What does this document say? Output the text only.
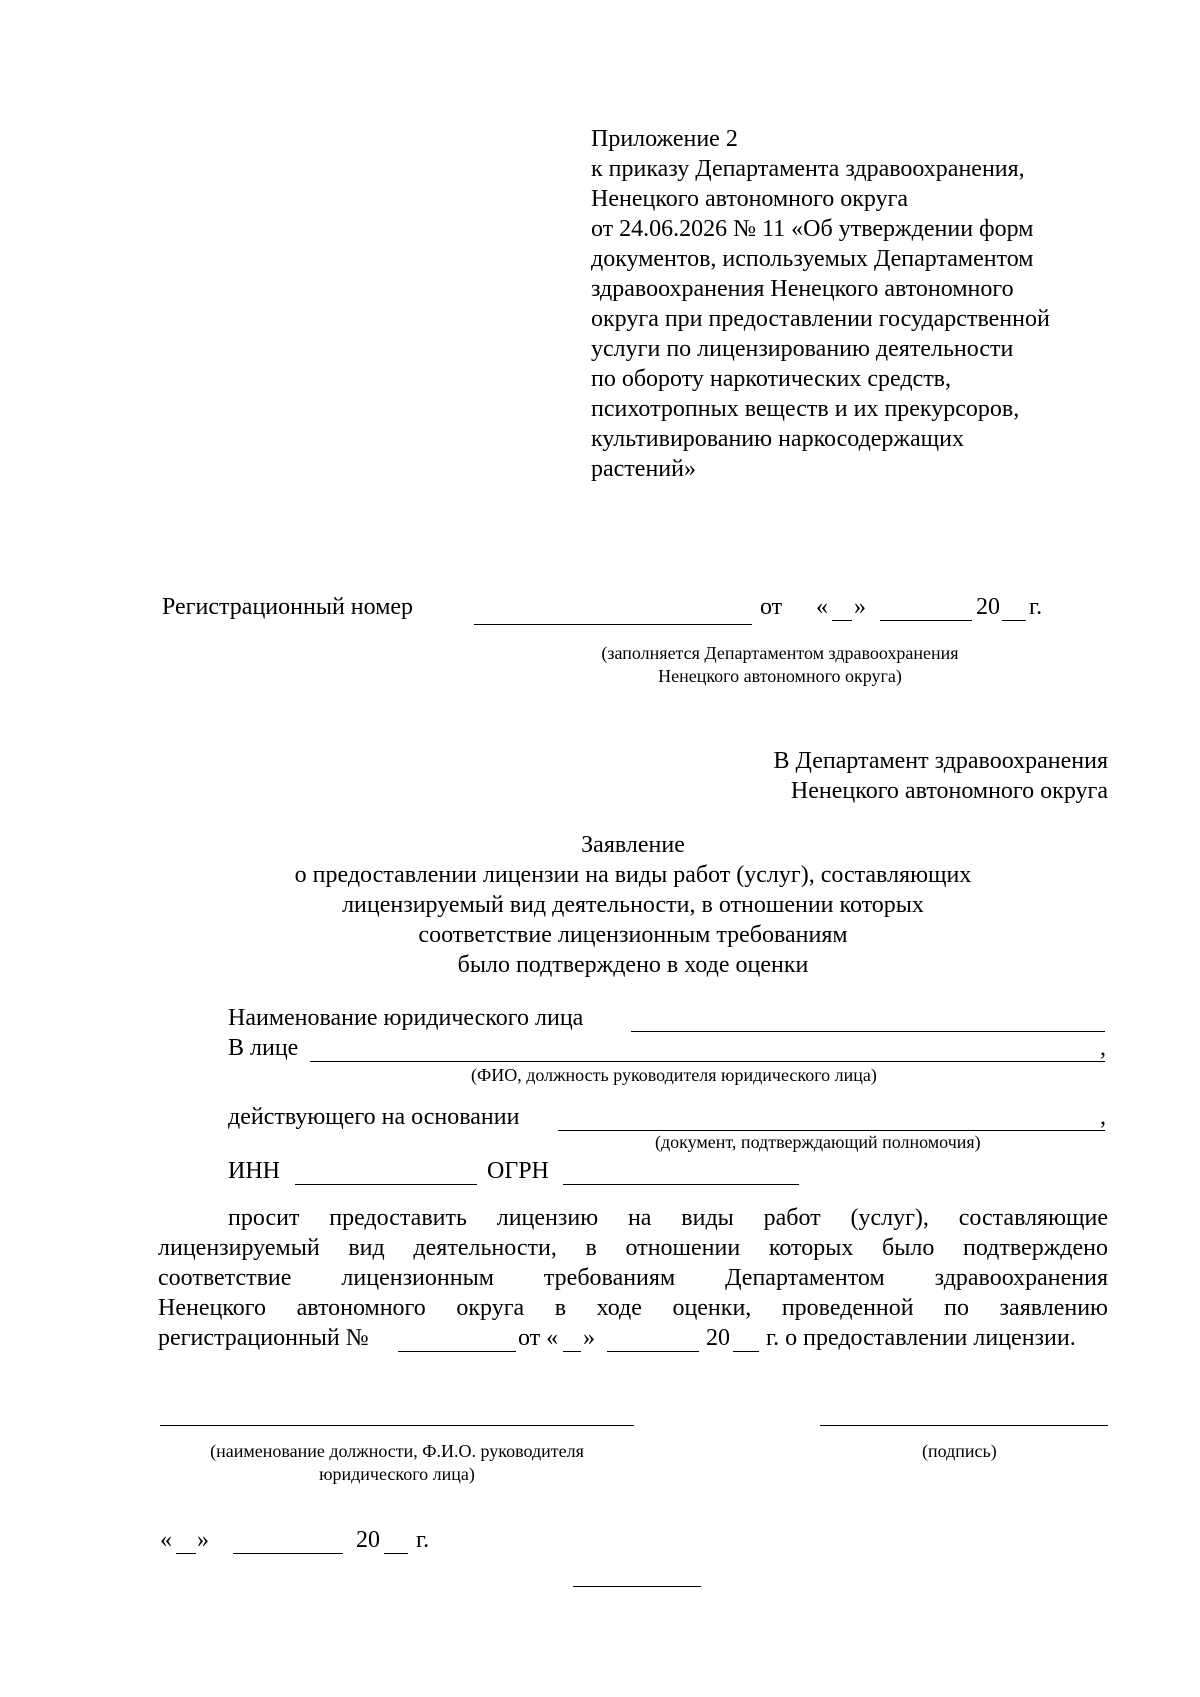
Приложение 2
к приказу Департамента здравоохранения,
Ненецкого автономного округа
от 24.06.2026 № 11 «Об утверждении форм
документов, используемых Департаментом
здравоохранения Ненецкого автономного
округа при предоставлении государственной
услуги по лицензированию деятельности
по обороту наркотических средств,
психотропных веществ и их прекурсоров,
культивированию наркосодержащих
растений»
Регистрационный номер	от « »	20 г.
(заполняется Департаментом здравоохранения
Ненецкого автономного округа)
В Департамент здравоохранения
Ненецкого автономного округа
Заявление
о предоставлении лицензии на виды работ (услуг), составляющих
лицензируемый вид деятельности, в отношении которых
соответствие лицензионным требованиям
было подтверждено в ходе оценки
Наименование юридического лица
В лице	,
(ФИО, должность руководителя юридического лица)
действующего на основании	,
(документ, подтверждающий полномочия)
ИНН	ОГРН
просит предоставить лицензию на виды работ (услуг), составляющие
лицензируемый вид деятельности, в отношении которых было подтверждено
соответствие лицензионным требованиям Департаментом здравоохранения
Ненецкого автономного округа в ходе оценки, проведенной по заявлению
регистрационный №	от « »	20 г. о предоставлении лицензии.
(наименование должности, Ф.И.О. руководителя
юридического лица)
(подпись)
« »	20 г.
